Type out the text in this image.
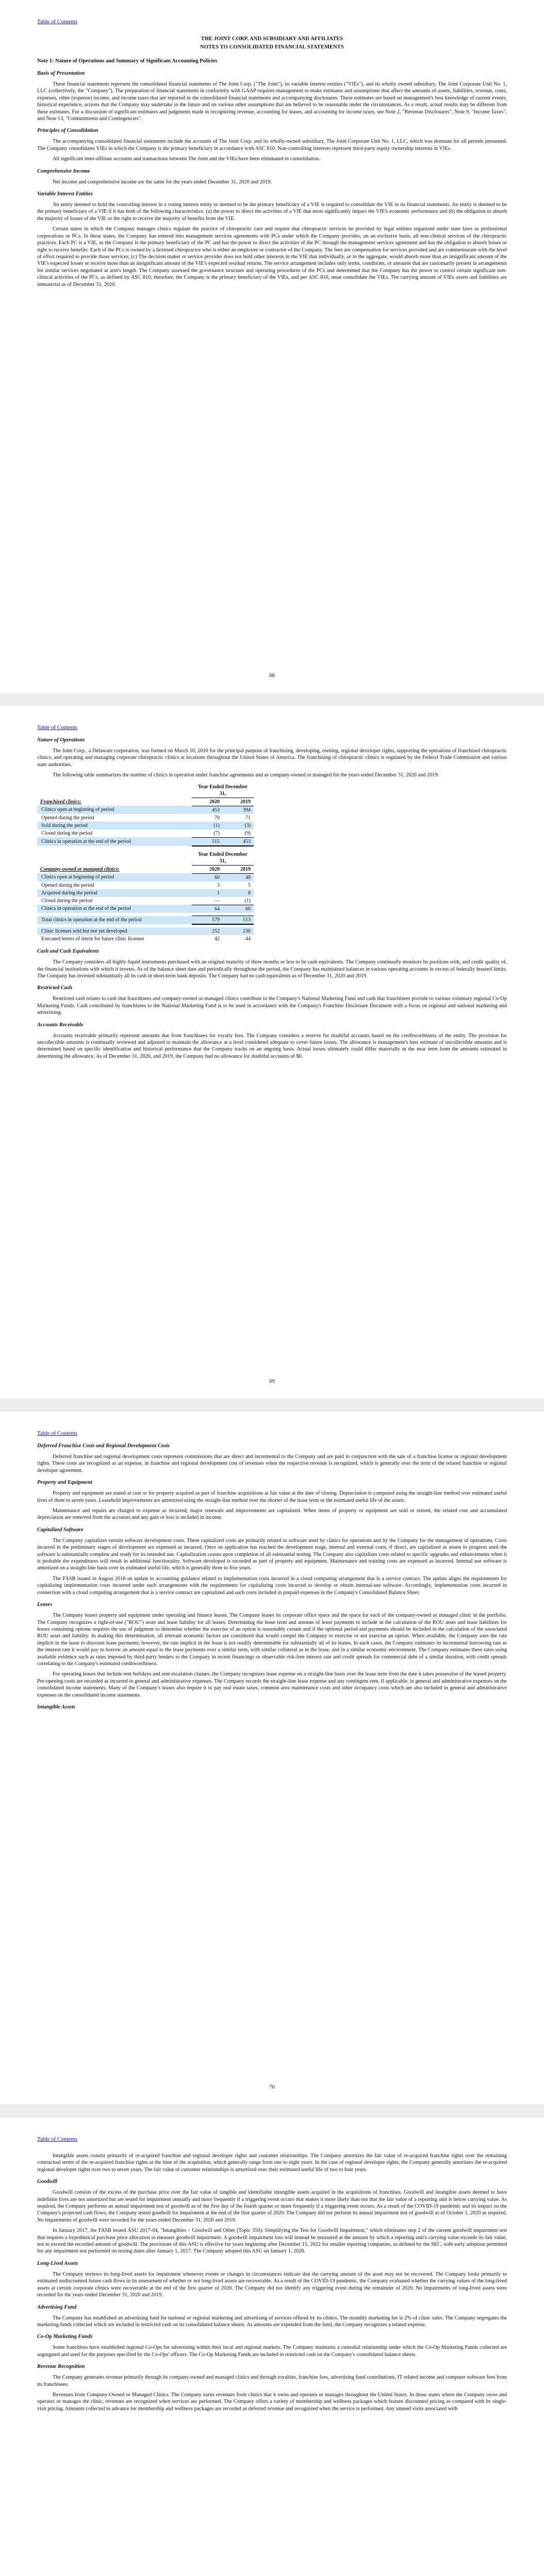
Table of Contents
THE JOINT CORP. AND SUBSIDIARY AND AFFILIATES
NOTES TO CONSOLIDATED FINANCIAL STATEMENTS
Note 1: Nature of Operations and Summary of Significant Accounting Policies
Basis of Presentation

These financial statements represent the consolidated financial statements of The Joint Corp. ("The Joint"), its variable interest entities ("VIEs"), and its wholly owned subsidiary, The Joint Corporate Unit No. 1, LLC (collectively, the "Company"). The preparation of financial statements in conformity with GAAP requires management to make estimates and assumptions that affect the amounts of assets, liabilities, revenue, costs, expenses, other (expense) income, and income taxes that are reported in the consolidated financial statements and accompanying disclosures. These estimates are based on management's best knowledge of current events, historical experience, actions that the Company may undertake in the future and on various other assumptions that are believed to be reasonable under the circumstances. As a result, actual results may be different from these estimates. For a discussion of significant estimates and judgments made in recognizing revenue, accounting for leases, and accounting for income taxes, see Note 2, "Revenue Disclosures", Note 9, "Income Taxes", and Note 13, "Commitments and Contingencies".

Principles of Consolidation

The accompanying consolidated financial statements include the accounts of The Joint Corp. and its wholly-owned subsidiary, The Joint Corporate Unit No. 1, LLC, which was dormant for all periods presented. The Company consolidates VIEs in which the Company is the primary beneficiary in accordance with ASC 810. Non-controlling interests represent third-party equity ownership interests in VIEs.

All significant inter-affiliate accounts and transactions between The Joint and the VIEs have been eliminated in consolidation.

Comprehensive Income

Net income and comprehensive income are the same for the years ended December 31, 2020 and 2019.

Variable Interest Entities

An entity deemed to hold the controlling interest in a voting interest entity or deemed to be the primary beneficiary of a VIE is required to consolidate the VIE in its financial statements. An entity is deemed to be the primary beneficiary of a VIE if it has both of the following characteristics: (a) the power to direct the activities of a VIE that most significantly impact the VIE's economic performance and (b) the obligation to absorb the majority of losses of the VIE or the right to receive the majority of benefits from the VIE.

Certain states in which the Company manages clinics regulate the practice of chiropractic care and require that chiropractic services be provided by legal entities organized under state laws as professional corporations or PCs. In these states, the Company has entered into management services agreements with PCs under which the Company provides, on an exclusive basis, all non-clinical services of the chiropractic practices. Each PC is a VIE, as the Company is the primary beneficiary of the PC and has the power to direct the activities of the PC through the management services agreement and has the obligation to absorb losses or right to receive benefits. Each of the PCs is owned by a licensed chiropractor who is either an employee or contractor of the Company. The fees are compensation for services provided and are commensurate with the level of effort required to provide those services; (c) The decision maker or service provider does not hold other interests in the VIE that individually, or in the aggregate, would absorb more than an insignificant amount of the VIE's expected losses or receive more than an insignificant amount of the VIE's expected residual returns. The service arrangement includes only terms, conditions, or amounts that are customarily present in arrangements for similar services negotiated at arm's length. The Company assessed the governance structure and operating procedures of the PCs and determined that the Company has the power to control certain significant non-clinical activities of the PCs, as defined by ASC 810; therefore, the Company is the primary beneficiary of the VIEs, and per ASC 810, must consolidate the VIEs. The carrying amount of VIEs assets and liabilities are immaterial as of December 31, 2020.

68
Table of Contents
Nature of Operations

The Joint Corp., a Delaware corporation, was formed on March 10, 2010 for the principal purpose of franchising, developing, owning, regional developer rights, supporting the operations of franchised chiropractic clinics, and operating and managing corporate chiropractic clinics at locations throughout the United States of America. The franchising of chiropractic clinics is regulated by the Federal Trade Commission and various state authorities.

The following table summarizes the number of clinics in operation under franchise agreements and as company-owned or managed for the years ended December 31, 2020 and 2019:

	Year Ended December 31,	
Franchised clinics:	2020	2019
Clinics open at beginning of period	453	394
Opened during the period	70	71
Sold during the period	(1)	(3)
Closed during the period	(7)	(9)
Clinics in operation at the end of the period	515	453
	Year Ended December 31,	
Company-owned or managed clinics:	2020	2019
Clinics open at beginning of period	60	48
Opened during the period	3	5
Acquired during the period	1	8
Closed during the period	—	(1)
Clinics in operation at the end of the period	64	60

Total clinics in operation at the end of the period	579	513

Clinic licenses sold but not yet developed	252	236
Executed letters of intent for future clinic licenses	42	44
Cash and Cash Equivalents

The Company considers all highly liquid instruments purchased with an original maturity of three months or less to be cash equivalents. The Company continually monitors its positions with, and credit quality of, the financial institutions with which it invests. As of the balance sheet date and periodically throughout the period, the Company has maintained balances in various operating accounts in excess of federally insured limits. The Company has invested substantially all its cash in short-term bank deposits. The Company had no cash equivalents as of December 31, 2020 and 2019.

Restricted Cash

Restricted cash relates to cash that franchisees and company-owned or managed clinics contribute to the Company's National Marketing Fund and cash that franchisees provide to various voluntary regional Co-Op Marketing Funds. Cash contributed by franchisees to the National Marketing Fund is to be used in accordance with the Company's Franchise Disclosure Document with a focus on regional and national marketing and advertising.

Accounts Receivable

Accounts receivable primarily represent amounts due from franchisees for royalty fees. The Company considers a reserve for doubtful accounts based on the creditworthiness of the entity. The provision for uncollectible amounts is continually reviewed and adjusted to maintain the allowance at a level considered adequate to cover future losses. The allowance is management's best estimate of uncollectible amounts and is determined based on specific identification and historical performance that the Company tracks on an ongoing basis. Actual losses ultimately could differ materially in the near term from the amounts estimated in determining the allowance. As of December 31, 2020, and 2019, the Company had no allowance for doubtful accounts of $0.

69
Table of Contents
Deferred Franchise Costs and Regional Development Costs

Deferred franchise and regional development costs represent commissions that are direct and incremental to the Company and are paid in conjunction with the sale of a franchise license or regional development rights. These costs are recognized as an expense, in franchise and regional development cost of revenues when the respective revenue is recognized, which is generally over the term of the related franchise or regional developer agreement.

Property and Equipment

Property and equipment are stated at cost or for property acquired as part of franchise acquisitions at fair value at the date of closing. Depreciation is computed using the straight-line method over estimated useful lives of three to seven years. Leasehold improvements are amortized using the straight-line method over the shorter of the lease term or the estimated useful life of the assets.

Maintenance and repairs are charged to expense as incurred; major renewals and improvements are capitalized. When items of property or equipment are sold or retired, the related cost and accumulated depreciation are removed from the accounts and any gain or loss is included in income.

Capitalized Software

The Company capitalizes certain software development costs. These capitalized costs are primarily related to software used by clinics for operations and by the Company for the management of operations. Costs incurred in the preliminary stages of development are expensed as incurred. Once an application has reached the development stage, internal and external costs, if direct, are capitalized as assets in progress until the software is substantially complete and ready for its intended use. Capitalization ceases upon completion of all substantial testing. The Company also capitalizes costs related to specific upgrades and enhancements when it is probable the expenditures will result in additional functionality. Software developed is recorded as part of property and equipment. Maintenance and training costs are expensed as incurred. Internal use software is amortized on a straight-line basis over its estimated useful life, which is generally three to five years.

The FASB issued in August 2018 an update to accounting guidance related to implementation costs incurred in a cloud computing arrangement that is a service contract. The update aligns the requirements for capitalizing implementation costs incurred under such arrangements with the requirements for capitalizing costs incurred to develop or obtain internal-use software. Accordingly, implementation costs incurred in connection with a cloud computing arrangement that is a service contract are capitalized and such costs included in prepaid expenses in the Company's Consolidated Balance Sheet.

Leases

The Company leases property and equipment under operating and finance leases. The Company leases its corporate office space and the space for each of the company-owned or managed clinic in the portfolio. The Company recognizes a right-of-use ("ROU") asset and lease liability for all leases. Determining the lease term and amount of lease payments to include in the calculation of the ROU asset and lease liabilities for leases containing options requires the use of judgment to determine whether the exercise of an option is reasonably certain and if the optional period and payments should be included in the calculation of the associated ROU asset and liability. In making this determination, all relevant economic factors are considered that would compel the Company to exercise or not exercise an option. When available, the Company uses the rate implicit in the lease to discount lease payments; however, the rate implicit in the lease is not readily determinable for substantially all of its leases. In such cases, the Company estimates its incremental borrowing rate as the interest rate it would pay to borrow an amount equal to the lease payments over a similar term, with similar collateral as in the lease, and in a similar economic environment. The Company estimates these rates using available evidence such as rates imposed by third-party lenders to the Company in recent financings or observable risk-free interest rate and credit spreads for commercial debt of a similar duration, with credit spreads correlating to the Company's estimated creditworthiness.

For operating leases that include rent holidays and rent escalation clauses, the Company recognizes lease expense on a straight-line basis over the lease term from the date it takes possession of the leased property. Pre-opening costs are recorded as incurred in general and administrative expenses. The Company records the straight-line lease expense and any contingent rent, if applicable, in general and administrative expenses on the consolidated income statements. Many of the Company's leases also require it to pay real estate taxes, common area maintenance costs and other occupancy costs which are also included in general and administrative expenses on the consolidated income statements.

Intangible Assets
70
Table of Contents

Intangible assets consist primarily of re-acquired franchise and regional developer rights and customer relationships. The Company amortizes the fair value of re-acquired franchise rights over the remaining contractual terms of the re-acquired franchise rights at the time of the acquisition, which generally range from one to eight years. In the case of regional developer rights, the Company generally amortizes the re-acquired regional developer rights over two to seven years. The fair value of customer relationships is amortized over their estimated useful life of two to four years.

Goodwill

Goodwill consists of the excess of the purchase price over the fair value of tangible and identifiable intangible assets acquired in the acquisitions of franchises. Goodwill and intangible assets deemed to have indefinite lives are not amortized but are tested for impairment annually and more frequently if a triggering event occurs that makes it more likely than not that the fair value of a reporting unit is below carrying value. As required, the Company performs an annual impairment test of goodwill as of the first day of the fourth quarter or more frequently if a triggering event occurs. As a result of the COVID-19 pandemic and its impact on the Company's projected cash flows, the Company tested goodwill for impairment at the end of the first quarter of 2020. The Company did not perform its annual impairment test of goodwill as of October 1, 2020 as required. No impairments of goodwill were recorded for the years ended December 31, 2020 and 2019.

In January 2017, the FASB issued ASU 2017-04, "Intangibles – Goodwill and Other (Topic 350): Simplifying the Test for Goodwill Impairment," which eliminates step 2 of the current goodwill impairment test that requires a hypothetical purchase price allocation to measure goodwill impairment. A goodwill impairment loss will instead be measured at the amount by which a reporting unit's carrying value exceeds its fair value, not to exceed the recorded amount of goodwill. The provisions of this ASU is effective for years beginning after December 15, 2022 for smaller reporting companies, as defined by the SEC, with early adoption permitted for any impairment test performed on testing dates after January 1, 2017. The Company adopted this ASU on January 1, 2020.

Long-Lived Assets

The Company reviews its long-lived assets for impairment whenever events or changes in circumstances indicate that the carrying amount of the asset may not be recovered. The Company looks primarily to estimated undiscounted future cash flows in its assessment of whether or not long-lived assets are recoverable. As a result of the COVID-19 pandemic, the Company evaluated whether the carrying values of the long-lived assets at certain corporate clinics were recoverable at the end of the first quarter of 2020. The Company did not identify any triggering event during the remainder of 2020. No impairments of long-lived assets were recorded for the years ended December 31, 2020 and 2019.

Advertising Fund

The Company has established an advertising fund for national or regional marketing and advertising of services offered by its clinics. The monthly marketing fee is 2% of clinic sales. The Company segregates the marketing funds collected which are included in restricted cash on its consolidated balance sheets. As amounts are expended from the fund, the Company recognizes a related expense.

Co-Op Marketing Funds

Some franchises have established regional Co-Ops for advertising within their local and regional markets. The Company maintains a custodial relationship under which the Co-Op Marketing Funds collected are segregated and used for the purposes specified by the Co-Ops' officers. The Co-Op Marketing Funds are included in restricted cash on the Company's consolidated balance sheets.

Revenue Recognition

The Company generates revenue primarily through its company-owned and managed clinics and through royalties, franchise fees, advertising fund contributions, IT related income and computer software fees from its franchisees.

Revenues from Company-Owned or Managed Clinics. The Company earns revenues from clinics that it owns and operates or manages throughout the United States. In those states where the Company owns and operates or manages the clinic, revenues are recognized when services are performed. The Company offers a variety of membership and wellness packages which feature discounted pricing as compared with its single-visit pricing. Amounts collected in advance for membership and wellness packages are recorded as deferred revenue and recognized when the service is performed. Any unused visits associated with
